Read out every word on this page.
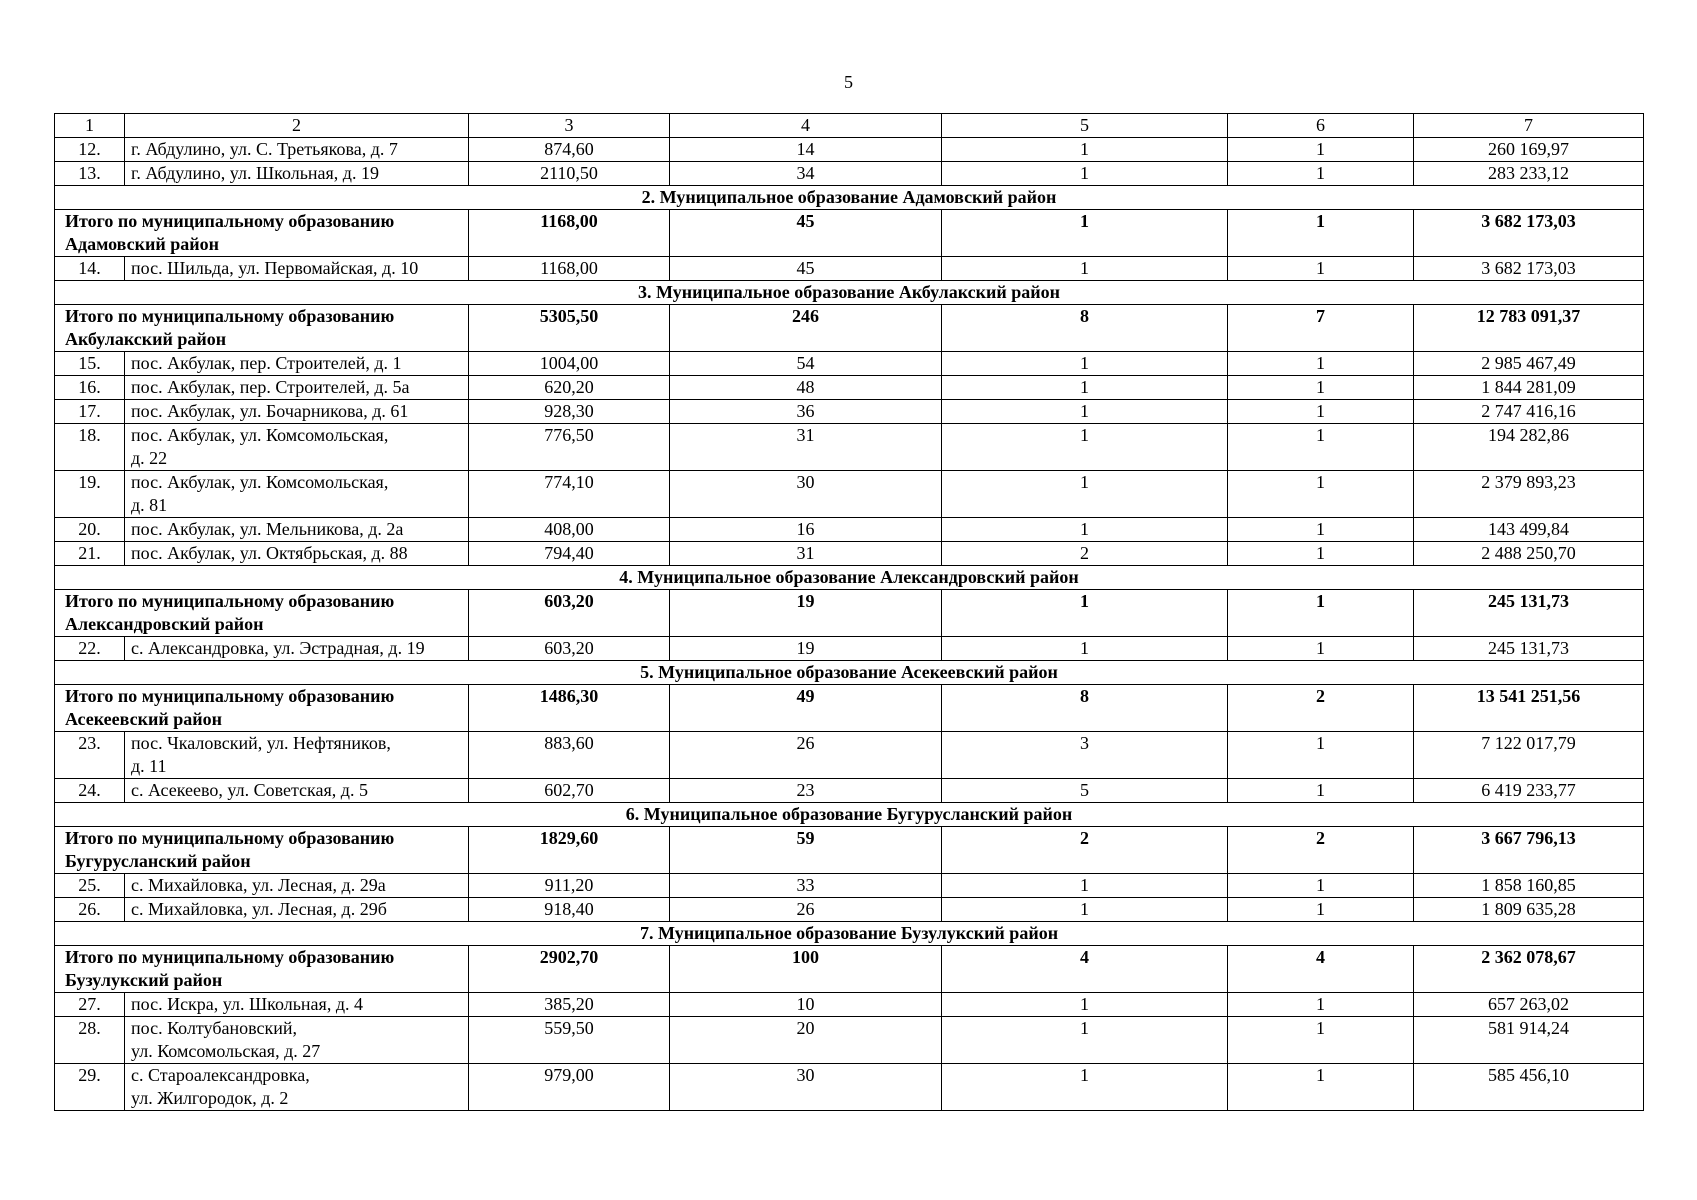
5
1	2	3	4	5	6	7
12.	г. Абдулино, ул. С. Третьякова, д. 7	874,60	14	1	1	260 169,97
13.	г. Абдулино, ул. Школьная, д. 19	2110,50	34	1	1	283 233,12
2. Муниципальное образование Адамовский район						

Итого по муниципальному образованию
Адамовский район		1168,00	45	1	1	3 682 173,03
14.	пос. Шильда, ул. Первомайская, д. 10	1168,00	45	1	1	3 682 173,03
3. Муниципальное образование Акбулакский район						

Итого по муниципальному образованию
Акбулакский район		5305,50	246	8	7	12 783 091,37
15.	пос. Акбулак, пер. Строителей, д. 1	1004,00	54	1	1	2 985 467,49
16.	пос. Акбулак, пер. Строителей, д. 5а	620,20	48	1	1	1 844 281,09
17.	пос. Акбулак, ул. Бочарникова, д. 61	928,30	36	1	1	2 747 416,16
18.	пос. Акбулак, ул. Комсомольская,
д. 22	776,50	31	1	1	194 282,86
19.	пос. Акбулак, ул. Комсомольская,
д. 81	774,10	30	1	1	2 379 893,23
20.	пос. Акбулак, ул. Мельникова, д. 2а	408,00	16	1	1	143 499,84
21.	пос. Акбулак, ул. Октябрьская, д. 88	794,40	31	2	1	2 488 250,70
4. Муниципальное образование Александровский район						

Итого по муниципальному образованию
Александровский район		603,20	19	1	1	245 131,73
22.	с. Александровка, ул. Эстрадная, д. 19	603,20	19	1	1	245 131,73
5. Муниципальное образование Асекеевский район						

Итого по муниципальному образованию
Асекеевский район		1486,30	49	8	2	13 541 251,56
23.	пос. Чкаловский, ул. Нефтяников,
д. 11	883,60	26	3	1	7 122 017,79
24.	с. Асекеево, ул. Советская, д. 5	602,70	23	5	1	6 419 233,77
6. Муниципальное образование Бугурусланский район						

Итого по муниципальному образованию
Бугурусланский район		1829,60	59	2	2	3 667 796,13
25.	с. Михайловка, ул. Лесная, д. 29а	911,20	33	1	1	1 858 160,85
26.	с. Михайловка, ул. Лесная, д. 29б	918,40	26	1	1	1 809 635,28
7. Муниципальное образование Бузулукский район						

Итого по муниципальному образованию
Бузулукский район		2902,70	100	4	4	2 362 078,67
27.	пос. Искра, ул. Школьная, д. 4	385,20	10	1	1	657 263,02
28.	пос. Колтубановский,
ул. Комсомольская, д. 27	559,50	20	1	1	581 914,24
29.	с. Староалександровка,
ул. Жилгородок, д. 2	979,00	30	1	1	585 456,10
